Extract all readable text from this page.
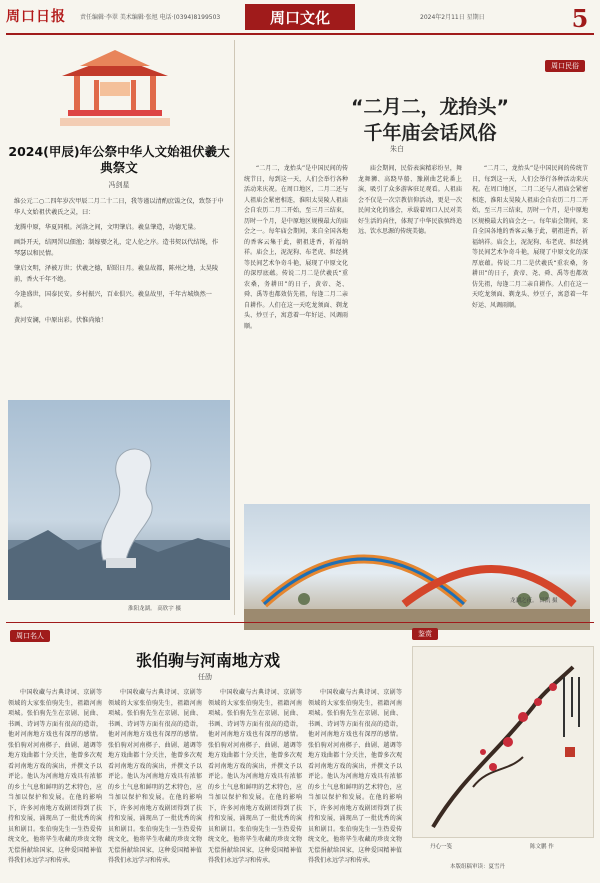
周口日报 责任编辑·李翠 美术编辑·张旭 电话·(0394)8199503	周口文化	2024年2月11日 星期日	5
2024(甲辰)年公祭中华人文始祖伏羲大典祭文
冯剑星

维公元二○二四年岁次甲辰二月二十二日，我等谨以清酌庶馐之仪，致祭于中华人文始祖伏羲氏之灵，曰：

龙腾中原，华夏同根。河洛之间，文明肇启。羲皇肇造，功德无量。

画卦开天，结网罟以佃渔；制嫁娶之礼，定人伦之序。造书契以代结绳，作琴瑟以和民情。

肇启文明，泽被万世；伏羲之德，昭昭日月。羲皇故都，陈州之地，太昊陵前，香火千年不绝。

今逢盛世，国泰民安。乡村振兴，百业俱兴。羲皇故里，千年古城焕然一新。

黄河安澜，中原出彩。伏惟尚飨！

淮阳龙湖。 高欣宇 摄
周口民俗
“二月二，龙抬头”
千年庙会话风俗
朱白
“二月二，龙抬头”是中国民间的传统节日，每到这一天，人们会举行各种活动来庆祝。在周口地区，二月二还与人祖庙会紧密相连，淮阳太昊陵人祖庙会自农历二月二开始，至三月三结束，历时一个月，是中原地区规模最大的庙会之一。每年庙会期间，来自全国各地的香客云集于此，朝祖进香，祈福纳祥。庙会上，泥泥狗、布老虎、担经挑等民间艺术争奇斗艳，展现了中原文化的深厚底蕴。传说二月二是伏羲氏“重农桑，务耕田”的日子，黄帝、尧、舜、禹等也都效仿先祖，每逢二月二亲自耕作。人们在这一天吃龙须面、剃龙头、炒豆子，寓意着一年好运、风调雨顺。
庙会期间，民俗表演精彩纷呈，舞龙舞狮、高跷旱船、豫剧曲艺轮番上演，吸引了众多游客驻足观看。人祖庙会不仅是一次宗教信仰活动，更是一次民间文化的盛会，承载着周口人民对美好生活的向往，体现了中华民族慎终追远、饮水思源的传统美德。
“二月二，龙抬头”是中国民间的传统节日，每到这一天，人们会举行各种活动来庆祝。在周口地区，二月二还与人祖庙会紧密相连，淮阳太昊陵人祖庙会自农历二月二开始，至三月三结束，历时一个月，是中原地区规模最大的庙会之一。每年庙会期间，来自全国各地的香客云集于此，朝祖进香，祈福纳祥。庙会上，泥泥狗、布老虎、担经挑等民间艺术争奇斗艳，展现了中原文化的深厚底蕴。传说二月二是伏羲氏“重农桑，务耕田”的日子，黄帝、尧、舜、禹等也都效仿先祖，每逢二月二亲自耕作。人们在这一天吃龙须面、剃龙头、炒豆子，寓意着一年好运、风调雨顺。
龙湖之夜。 田凯 摄
周口名人
张伯驹与河南地方戏
任劭
中国收藏与古典诗词、京剧等领域的大家张伯驹先生，祖籍河南项城。张伯驹先生在京剧、昆曲、书画、诗词等方面有很高的造诣，他对河南地方戏也有深厚的感情。张伯驹对河南梆子、曲剧、越调等地方戏曲都十分关注，他曾多次观看河南地方戏的演出，并撰文予以评论。他认为河南地方戏具有浓郁的乡土气息和鲜明的艺术特色，应当加以保护和发展。在他的影响下，许多河南地方戏剧团得到了扶持和发展，涌现出了一批优秀的演员和剧目。张伯驹先生一生热爱传统文化，他将毕生收藏的珍贵文物无偿捐献给国家，这种爱国精神值得我们永远学习和传承。
中国收藏与古典诗词、京剧等领域的大家张伯驹先生，祖籍河南项城。张伯驹先生在京剧、昆曲、书画、诗词等方面有很高的造诣，他对河南地方戏也有深厚的感情。张伯驹对河南梆子、曲剧、越调等地方戏曲都十分关注，他曾多次观看河南地方戏的演出，并撰文予以评论。他认为河南地方戏具有浓郁的乡土气息和鲜明的艺术特色，应当加以保护和发展。在他的影响下，许多河南地方戏剧团得到了扶持和发展，涌现出了一批优秀的演员和剧目。张伯驹先生一生热爱传统文化，他将毕生收藏的珍贵文物无偿捐献给国家，这种爱国精神值得我们永远学习和传承。
中国收藏与古典诗词、京剧等领域的大家张伯驹先生，祖籍河南项城。张伯驹先生在京剧、昆曲、书画、诗词等方面有很高的造诣，他对河南地方戏也有深厚的感情。张伯驹对河南梆子、曲剧、越调等地方戏曲都十分关注，他曾多次观看河南地方戏的演出，并撰文予以评论。他认为河南地方戏具有浓郁的乡土气息和鲜明的艺术特色，应当加以保护和发展。在他的影响下，许多河南地方戏剧团得到了扶持和发展，涌现出了一批优秀的演员和剧目。张伯驹先生一生热爱传统文化，他将毕生收藏的珍贵文物无偿捐献给国家，这种爱国精神值得我们永远学习和传承。
中国收藏与古典诗词、京剧等领域的大家张伯驹先生，祖籍河南项城。张伯驹先生在京剧、昆曲、书画、诗词等方面有很高的造诣，他对河南地方戏也有深厚的感情。张伯驹对河南梆子、曲剧、越调等地方戏曲都十分关注，他曾多次观看河南地方戏的演出，并撰文予以评论。他认为河南地方戏具有浓郁的乡土气息和鲜明的艺术特色，应当加以保护和发展。在他的影响下，许多河南地方戏剧团得到了扶持和发展，涌现出了一批优秀的演员和剧目。张伯驹先生一生热爱传统文化，他将毕生收藏的珍贵文物无偿捐献给国家，这种爱国精神值得我们永远学习和传承。
鉴赏
丹心一笺	陈文鹏 作
本版组稿审读：夏雪丹
